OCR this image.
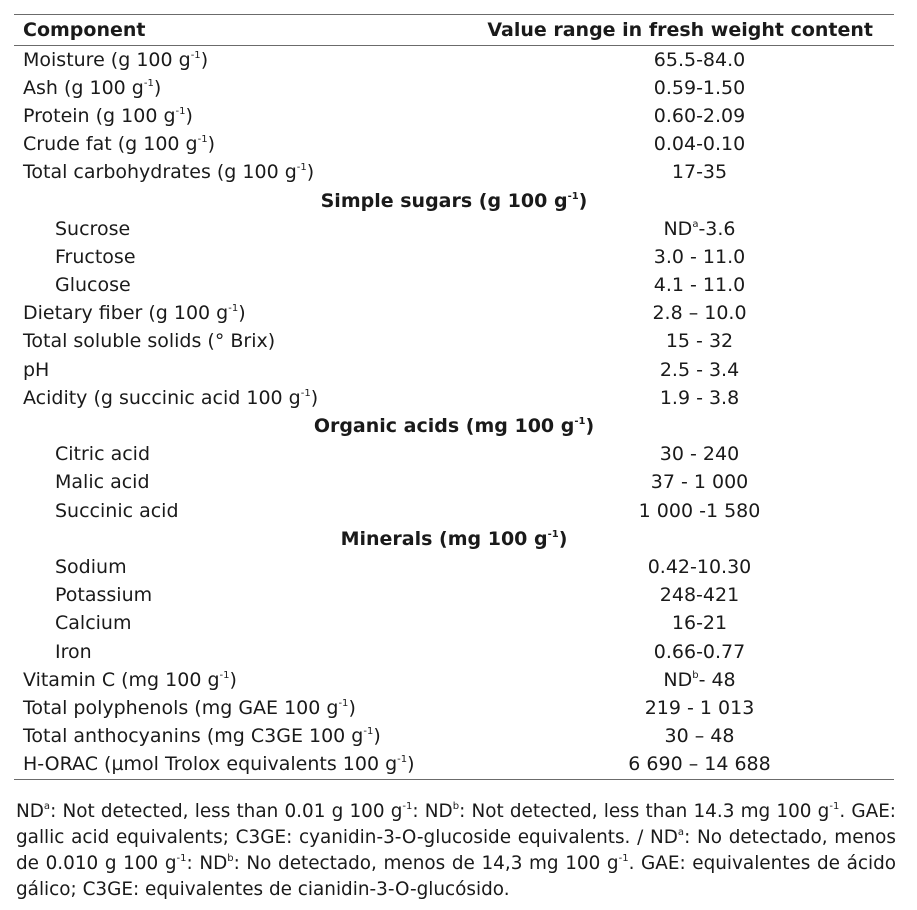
Component	Value range in fresh weight content
Moisture (g 100 $g^{-1}$)	65.5-84.0
Ash (g 100 $g^{-1}$)	0.59-1.50
Protein (g 100 $g^{-1}$)	0.60-2.09
Crude fat (g 100 $g^{-1}$)	0.04-0.10
Total carbohydrates (g 100 $g^{-1}$)	17-35
Simple sugars (g 100 $g^{-1}$)	
Sucrose	$ND^a-3.6$
Fructose	3.0 - 11.0
Glucose	4.1 - 11.0
Dietary fiber (g 100 $g^{-1}$)	2.8 – 10.0
Total soluble solids (° Brix)	15 - 32
pH	2.5 - 3.4
Acidity (g succinic acid 100 $g^{-1}$)	1.9 - 3.8
Organic acids (mg 100 $g^{-1}$)	
Citric acid	30 - 240
Malic acid	37 - 1 000
Succinic acid	1 000 -1 580
Minerals (mg 100 $g^{-1}$)	
Sodium	0.42-10.30
Potassium	248-421
Calcium	16-21
Iron	0.66-0.77
Vitamin C (mg 100 $g^{-1}$)	$ND^b-$ 48
Total polyphenols (mg GAE 100 $g^{-1}$)	219 - 1 013
Total anthocyanins (mg C3GE 100 $g^{-1}$)	30 – 48
H-ORAC (µmol Trolox equivalents 100 $g^{-1}$)	6 690 – 14 688
$ND^a$: Not detected, less than 0.01 g 100 $g^{-1}$: $ND^b$: Not detected, less than 14.3 mg 100 $g^{-1}$. GAE: gallic acid equivalents; C3GE: cyanidin-3-O-glucoside equivalents. / $ND^a$: No detectado, menos de 0.010 g 100 $g^{-1}$: $ND^b$: No detectado, menos de 14,3 mg 100 $g^{-1}$. GAE: equivalentes de ácido gálico; C3GE: equivalentes de cianidin-3-O-glucósido.
